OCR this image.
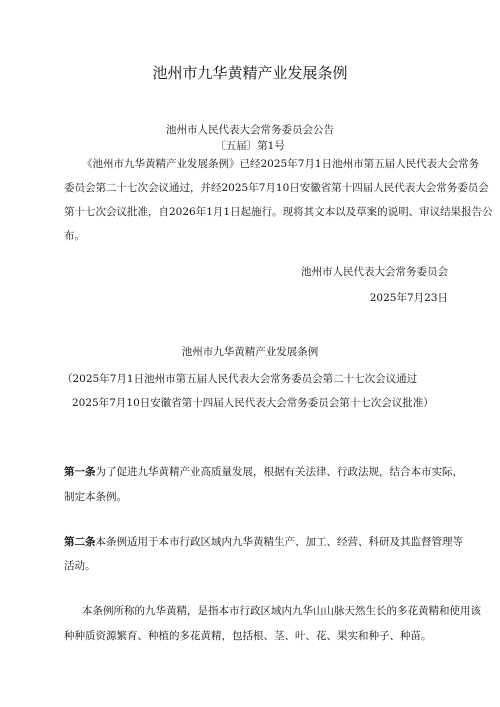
池州市九华黄精产业发展条例
池州市人民代表大会常务委员会公告
〔五届〕第1号
《池州市九华黄精产业发展条例》已经2025年7月1日池州市第五届人民代表大会常务
委员会第二十七次会议通过，并经2025年7月10日安徽省第十四届人民代表大会常务委员会
第十七次会议批准，自2026年1月1日起施行。现将其文本以及草案的说明、审议结果报告公
布。
池州市人民代表大会常务委员会
2025年7月23日
池州市九华黄精产业发展条例
（2025年7月1日池州市第五届人民代表大会常务委员会第二十七次会议通过
2025年7月10日安徽省第十四届人民代表大会常务委员会第十七次会议批准）
第一条为了促进九华黄精产业高质量发展，根据有关法律、行政法规，结合本市实际，
制定本条例。
第二条本条例适用于本市行政区域内九华黄精生产、加工、经营、科研及其监督管理等
活动。
本条例所称的九华黄精，是指本市行政区域内九华山山脉天然生长的多花黄精和使用该
种种质资源繁育、种植的多花黄精，包括根、茎、叶、花、果实和种子、种苗。
